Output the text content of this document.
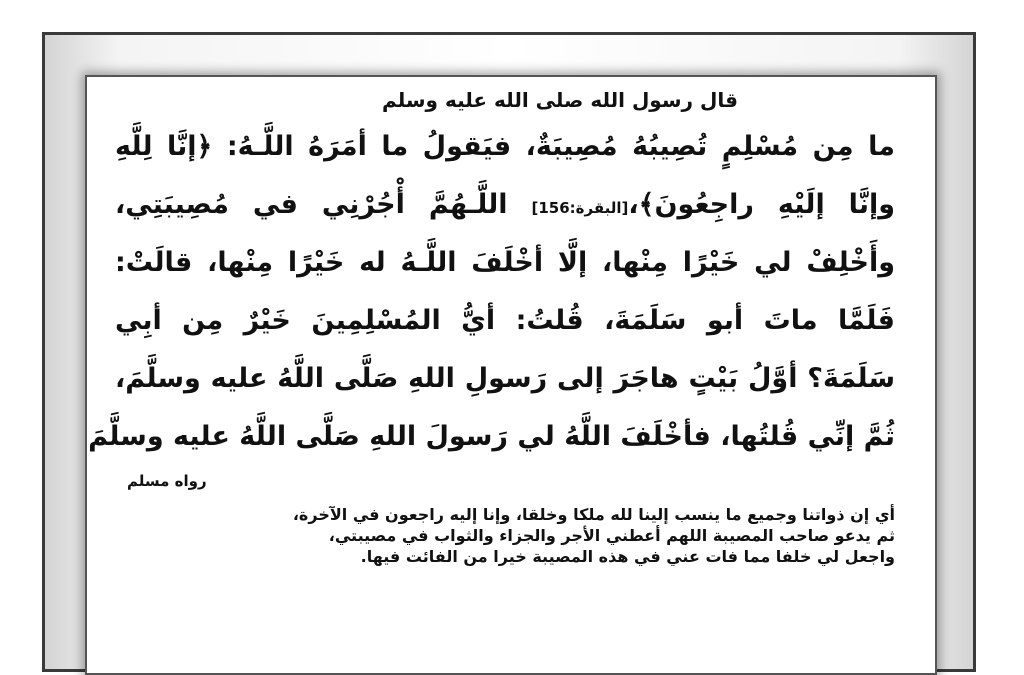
قال رسول الله صلى الله عليه وسلم

ما مِن مُسْلِمٍ تُصِيبُهُ مُصِيبَةٌ، فيَقولُ ما أمَرَهُ اللَّـهُ: ﴿إنَّا لِلَّهِ

وإنَّا إلَيْهِ راجِعُونَ﴾،[البقرة:156] اللَّـهُمَّ أْجُرْنِي في مُصِيبَتِي،

وأَخْلِفْ لي خَيْرًا مِنْها، إلَّا أخْلَفَ اللَّـهُ له خَيْرًا مِنْها، قالَتْ:

فَلَمَّا ماتَ أبو سَلَمَةَ، قُلتُ: أيُّ المُسْلِمِينَ خَيْرٌ مِن أبِي

سَلَمَةَ؟ أوَّلُ بَيْتٍ هاجَرَ إلى رَسولِ اللهِ صَلَّى اللَّهُ عليه وسلَّمَ،

ثُمَّ إنِّي قُلتُها، فأخْلَفَ اللَّهُ لي رَسولَ اللهِ صَلَّى اللَّهُ عليه وسلَّمَ

رواه مسلم

أي إن ذواتنا وجميع ما ينسب إلينا لله ملكا وخلقا، وإنا إليه راجعون في الآخرة،

ثم يدعو صاحب المصيبة اللهم أعطني الأجر والجزاء والثواب في مصيبتي،

واجعل لي خلفا مما فات عني في هذه المصيبة خيرا من الفائت فيها.
